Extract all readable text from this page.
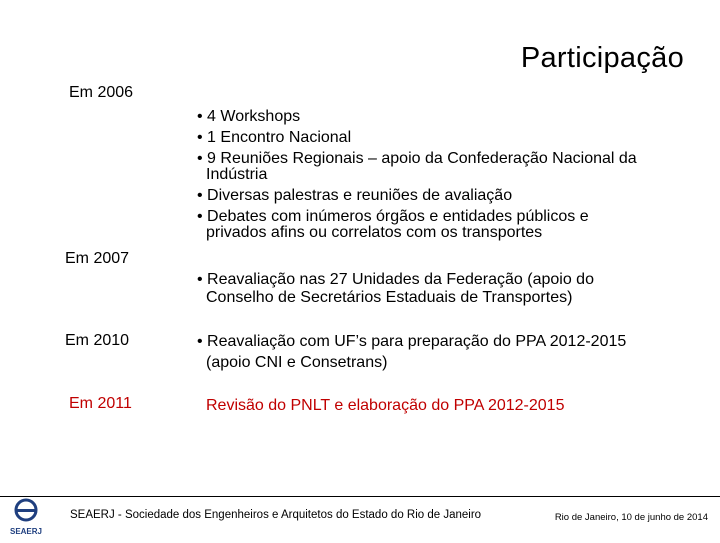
Participação
Em 2006
• 4 Workshops
• 1 Encontro Nacional
• 9 Reuniões Regionais – apoio da Confederação Nacional da
Indústria
• Diversas palestras e reuniões de avaliação
• Debates com inúmeros órgãos e entidades públicos e
privados afins ou correlatos com os transportes
Em 2007
• Reavaliação nas 27 Unidades da Federação (apoio do
Conselho de Secretários Estaduais de Transportes)
Em 2010	• Reavaliação com UF’s para preparação do PPA 2012-2015
(apoio CNI e Consetrans)
Em 2011	Revisão do PNLT e elaboração do PPA 2012-2015
SEAERJ
SEAERJ - Sociedade dos Engenheiros e Arquitetos do Estado do Rio de Janeiro	Rio de Janeiro, 10 de junho de 2014
